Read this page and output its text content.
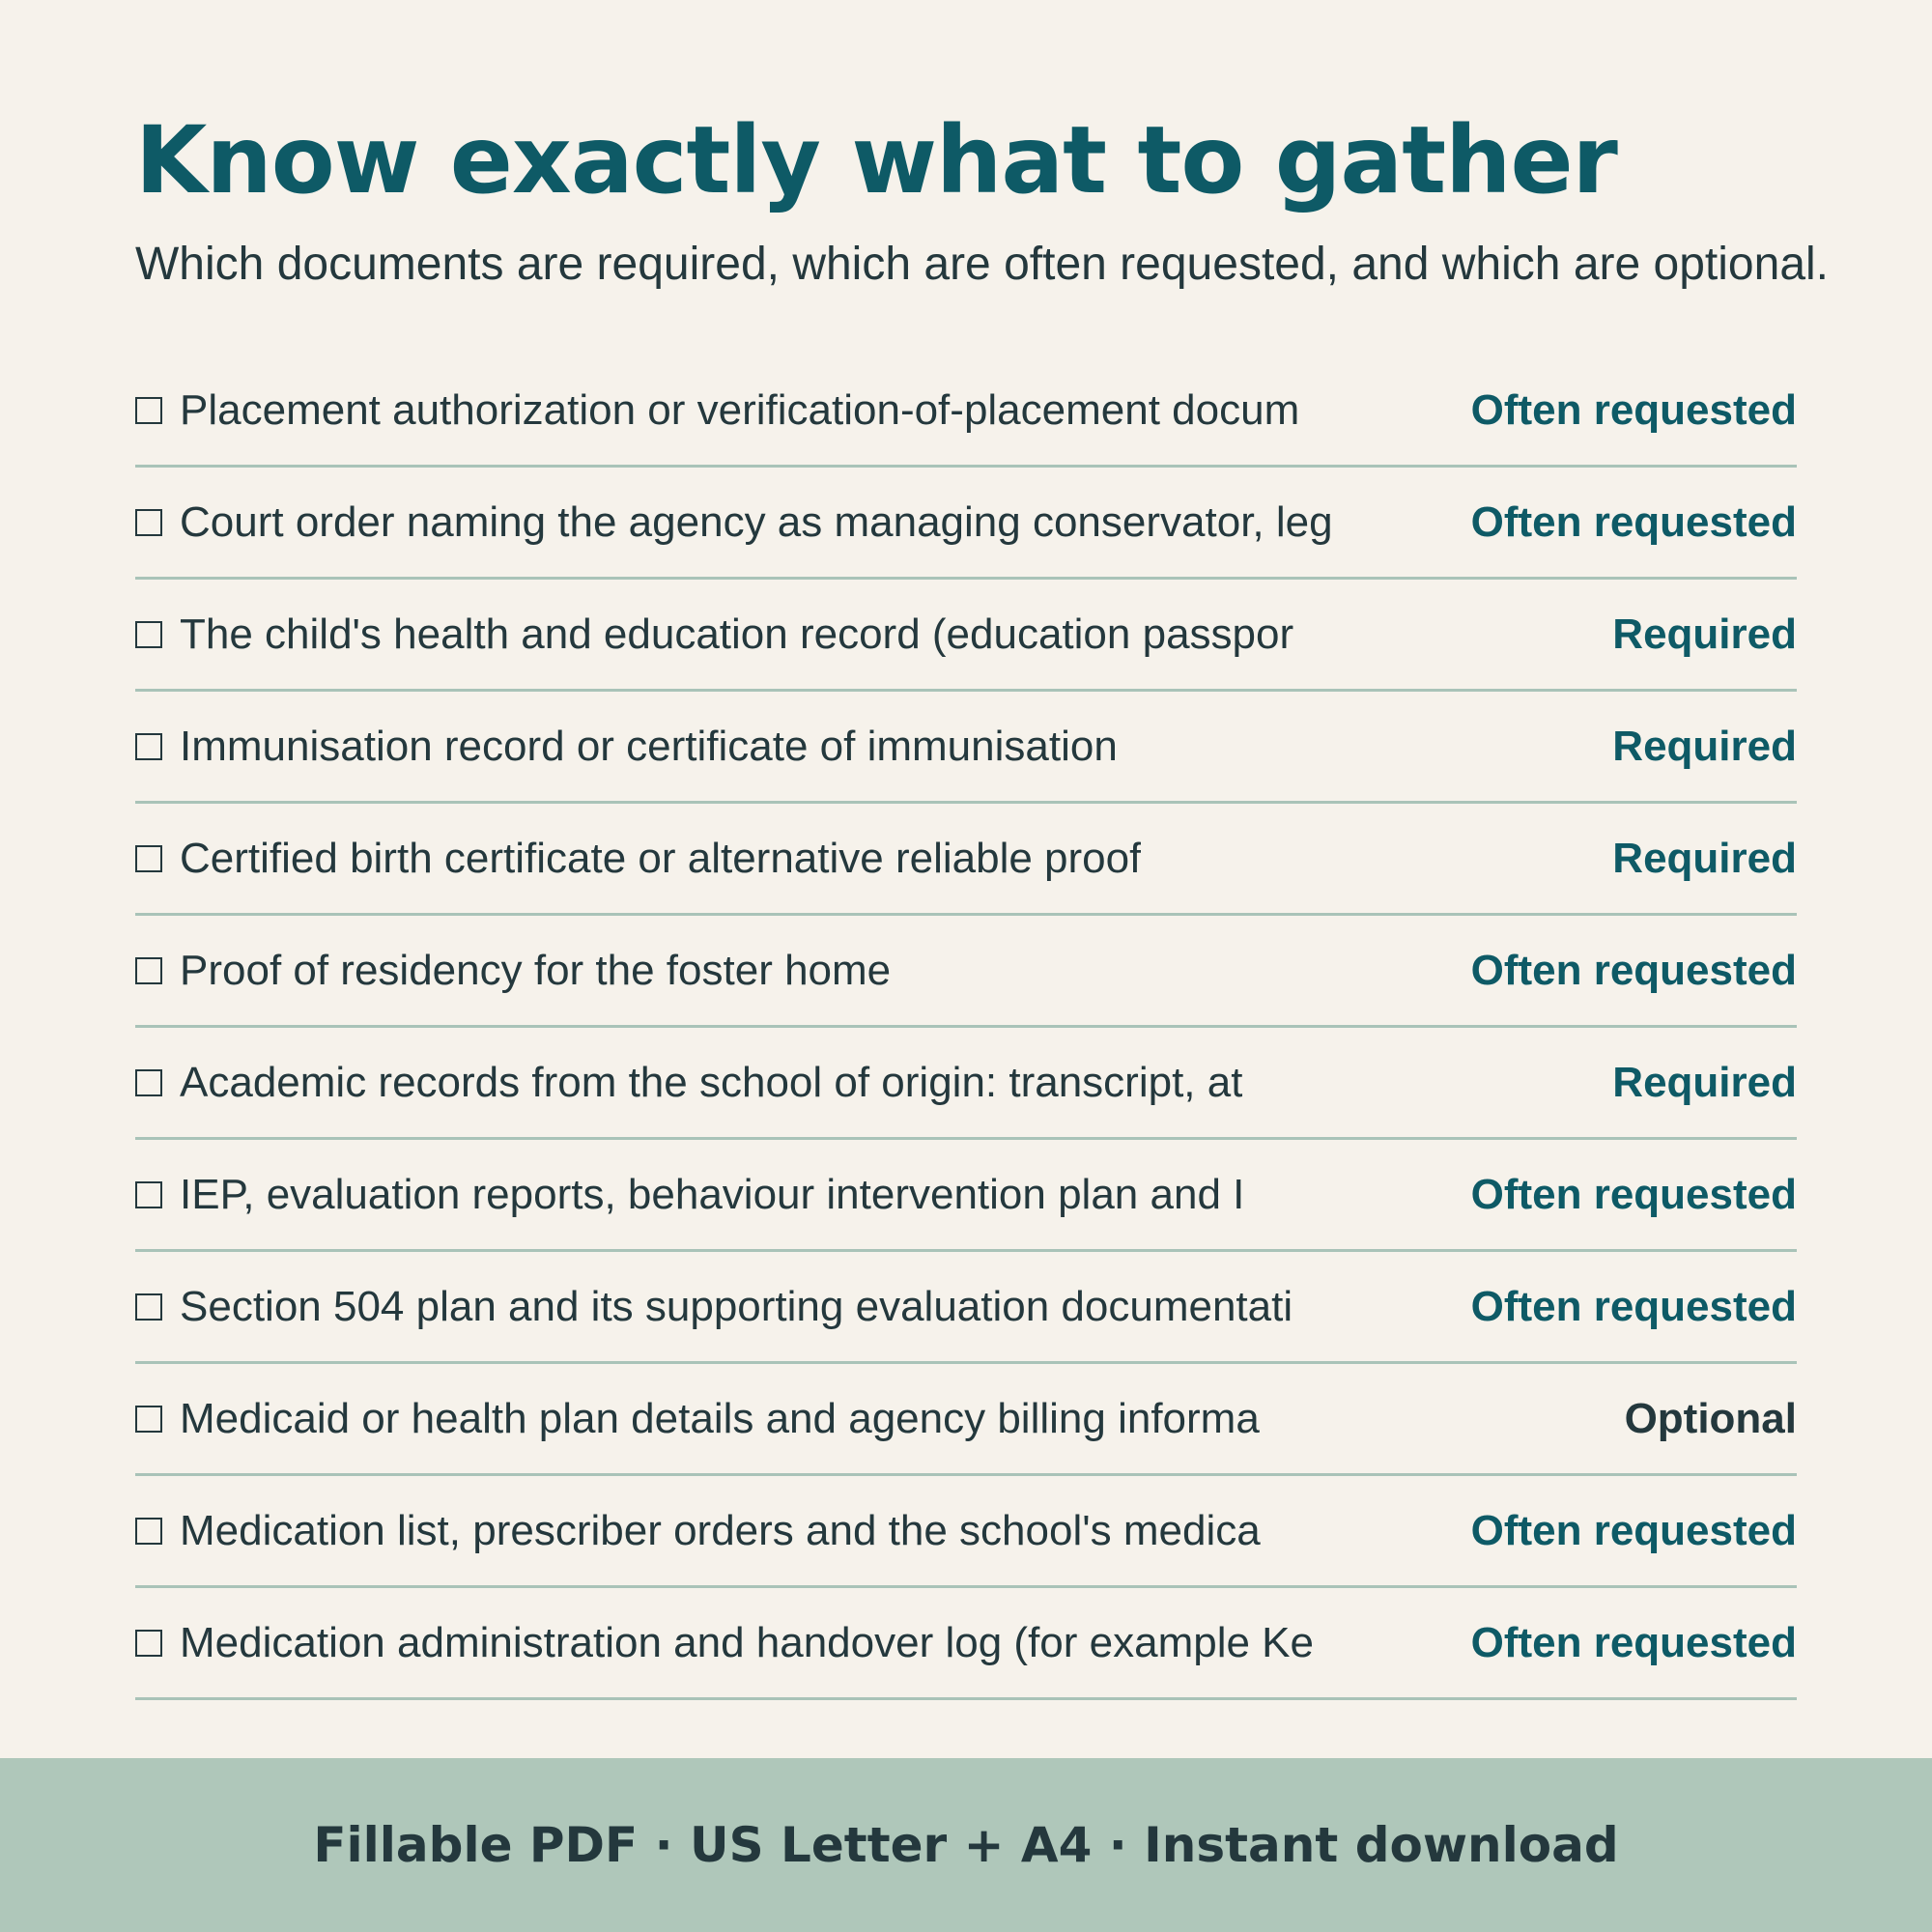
Know exactly what to gather

Which documents are required, which are often requested, and which are optional.

Placement authorization or verification-of-placement docum	Often requested
Court order naming the agency as managing conservator, leg	Often requested
The child's health and education record (education passpor	Required
Immunisation record or certificate of immunisation	Required
Certified birth certificate or alternative reliable proof	Required
Proof of residency for the foster home	Often requested
Academic records from the school of origin: transcript, at	Required
IEP, evaluation reports, behaviour intervention plan and I	Often requested
Section 504 plan and its supporting evaluation documentati	Often requested
Medicaid or health plan details and agency billing informa	Optional
Medication list, prescriber orders and the school's medica	Often requested
Medication administration and handover log (for example Ke	Often requested
Fillable PDF · US Letter + A4 · Instant download
